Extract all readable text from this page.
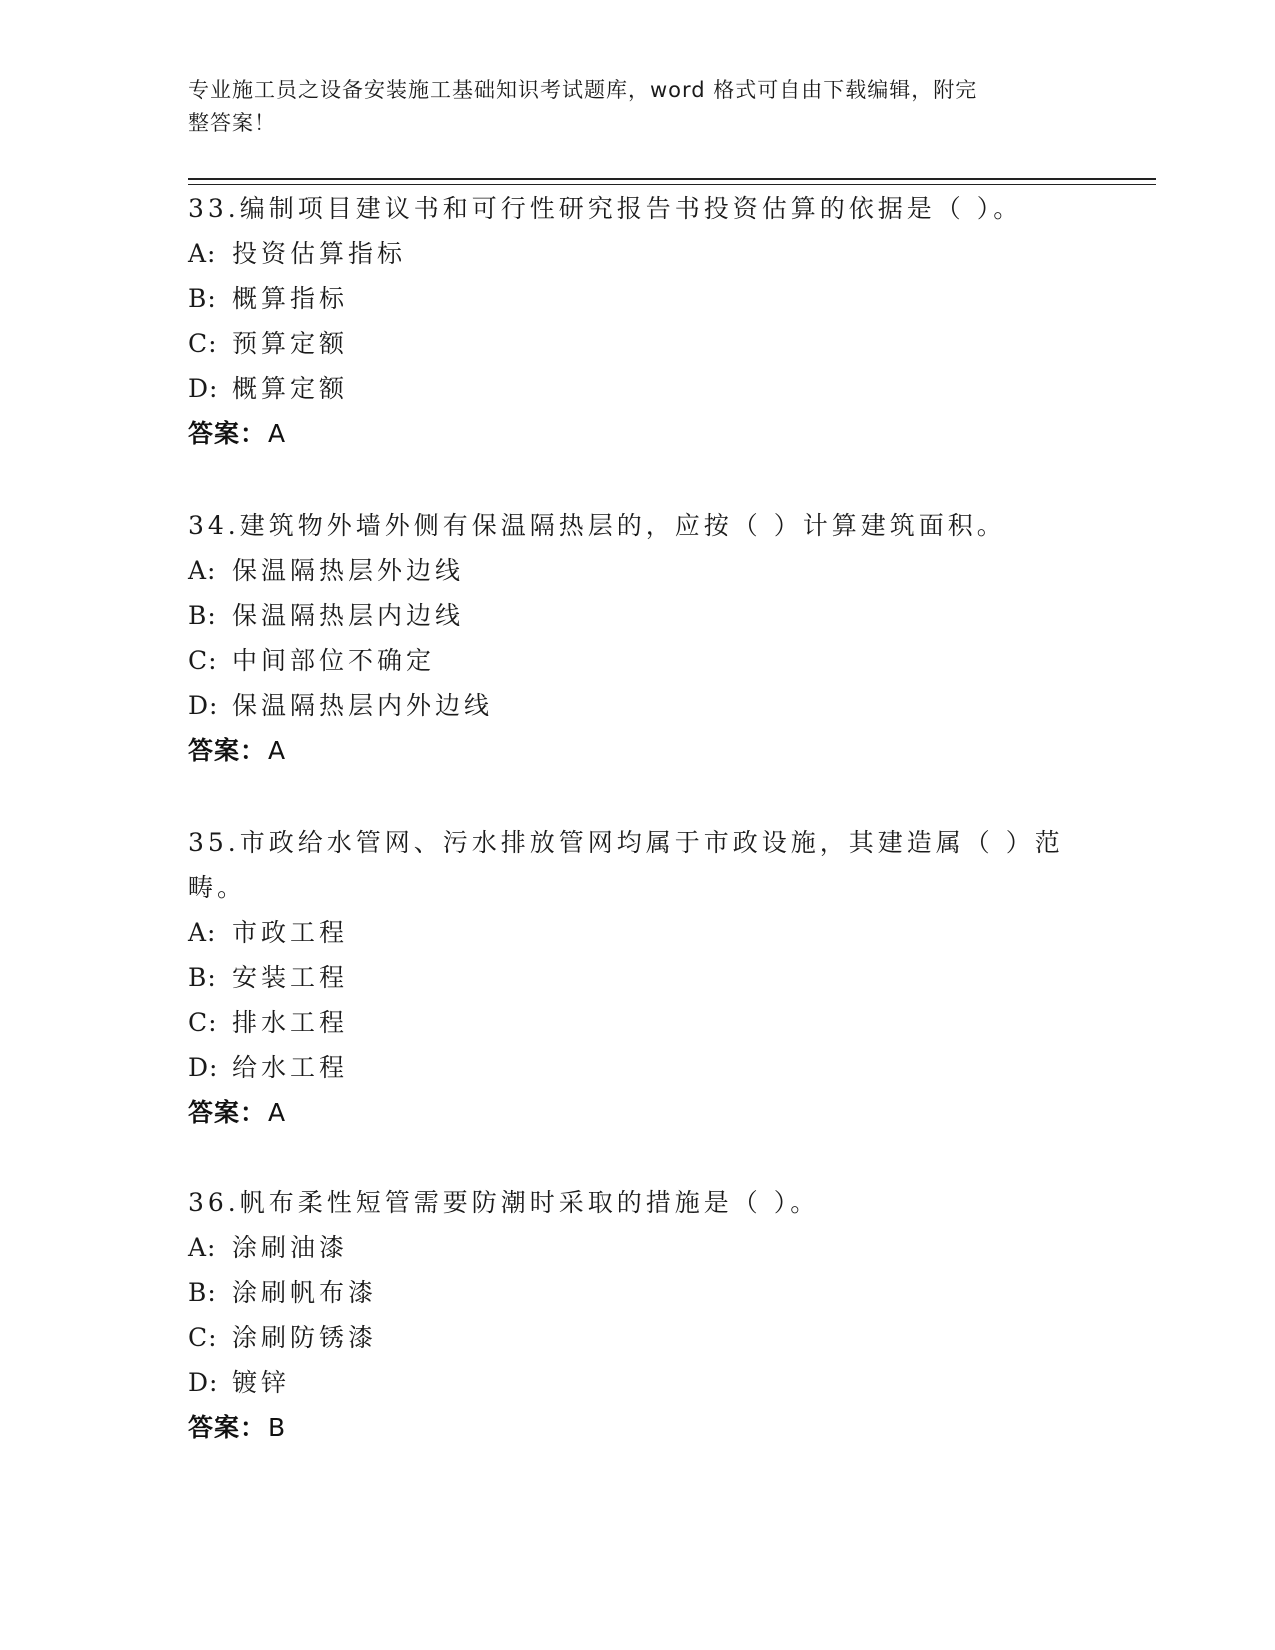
专业施工员之设备安装施工基础知识考试题库，word 格式可自由下载编辑，附完
整答案！

33.编制项目建议书和可行性研究报告书投资估算的依据是（ ）。

A: 投资估算指标

B: 概算指标

C: 预算定额

D: 概算定额

答案：A

34.建筑物外墙外侧有保温隔热层的，应按（ ）计算建筑面积。

A: 保温隔热层外边线

B: 保温隔热层内边线

C: 中间部位不确定

D: 保温隔热层内外边线

答案：A

35.市政给水管网、污水排放管网均属于市政设施，其建造属（ ）范

畴。

A: 市政工程

B: 安装工程

C: 排水工程

D: 给水工程

答案：A

36.帆布柔性短管需要防潮时采取的措施是（ ）。

A: 涂刷油漆

B: 涂刷帆布漆

C: 涂刷防锈漆

D: 镀锌

答案：B
